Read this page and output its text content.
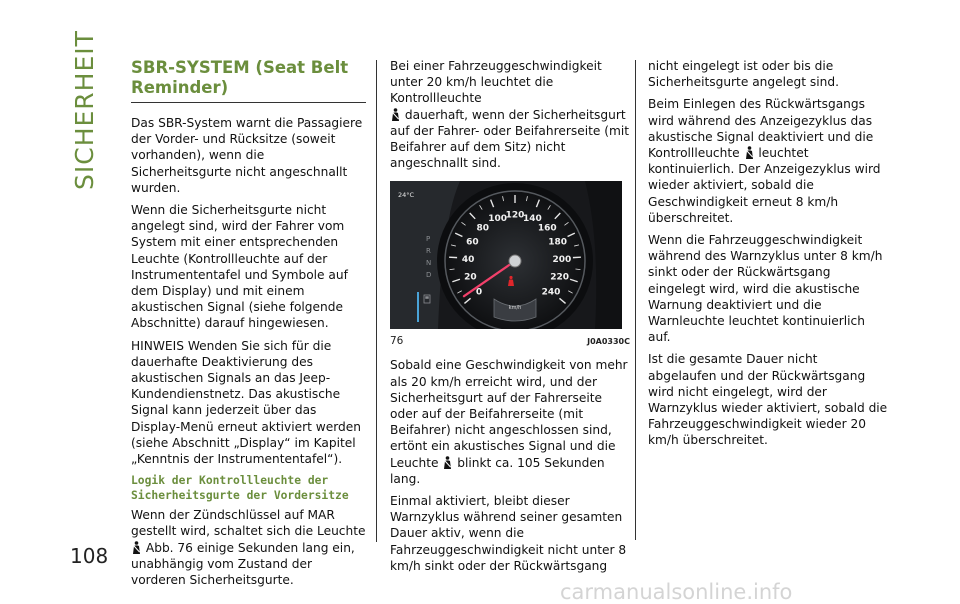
SICHERHEIT
108
SBR-SYSTEM (Seat Belt
Reminder)

Das SBR-System warnt die Passagiere der Vorder- und Rücksitze (soweit vorhanden), wenn die Sicherheitsgurte nicht angeschnallt wurden.

Wenn die Sicherheitsgurte nicht angelegt sind, wird der Fahrer vom System mit einer entsprechenden Leuchte (Kontrollleuchte auf der Instrumententafel und Symbole auf dem Display) und mit einem akustischen Signal (siehe folgende Abschnitte) darauf hingewiesen.

HINWEIS Wenden Sie sich für die dauerhafte Deaktivierung des akustischen Signals an das Jeep-Kundendienstnetz. Das akustische Signal kann jederzeit über das Display-Menü erneut aktiviert werden (siehe Abschnitt „Display“ im Kapitel „Kenntnis der Instrumententafel“).

Logik der Kontrollleuchte der
Sicherheitsgurte der Vordersitze

Wenn der Zündschlüssel auf MAR gestellt wird, schaltet sich die Leuchte  Abb. 76 einige Sekunden lang ein, unabhängig vom Zustand der vorderen Sicherheitsgurte.

Bei einer Fahrzeuggeschwindigkeit unter 20 km/h leuchtet die Kontrollleuchte
dauerhaft, wenn der Sicherheitsgurt auf der Fahrer- oder Beifahrerseite (mit Beifahrer auf dem Sitz) nicht angeschnallt sind.

0
20
40
60
80
100
120
140
160
180
200
220
240
km/h
24°C
P
R
N
D
76	J0A0330C

Sobald eine Geschwindigkeit von mehr als 20 km/h erreicht wird, und der Sicherheitsgurt auf der Fahrerseite oder auf der Beifahrerseite (mit Beifahrer) nicht angeschlossen sind, ertönt ein akustisches Signal und die Leuchte blinkt ca. 105 Sekunden lang.

Einmal aktiviert, bleibt dieser Warnzyklus während seiner gesamten Dauer aktiv, wenn die Fahrzeuggeschwindigkeit nicht unter 8 km/h sinkt oder der Rückwärtsgang

nicht eingelegt ist oder bis die Sicherheitsgurte angelegt sind.

Beim Einlegen des Rückwärtsgangs wird während des Anzeigezyklus das akustische Signal deaktiviert und die Kontrollleuchte leuchtet kontinuierlich. Der Anzeigezyklus wird wieder aktiviert, sobald die Geschwindigkeit erneut 8 km/h überschreitet.

Wenn die Fahrzeuggeschwindigkeit während des Warnzyklus unter 8 km/h sinkt oder der Rückwärtsgang eingelegt wird, wird die akustische Warnung deaktiviert und die Warnleuchte leuchtet kontinuierlich auf.

Ist die gesamte Dauer nicht abgelaufen und der Rückwärtsgang wird nicht eingelegt, wird der Warnzyklus wieder aktiviert, sobald die Fahrzeuggeschwindigkeit wieder 20 km/h überschreitet.

carmanualsonline.info
